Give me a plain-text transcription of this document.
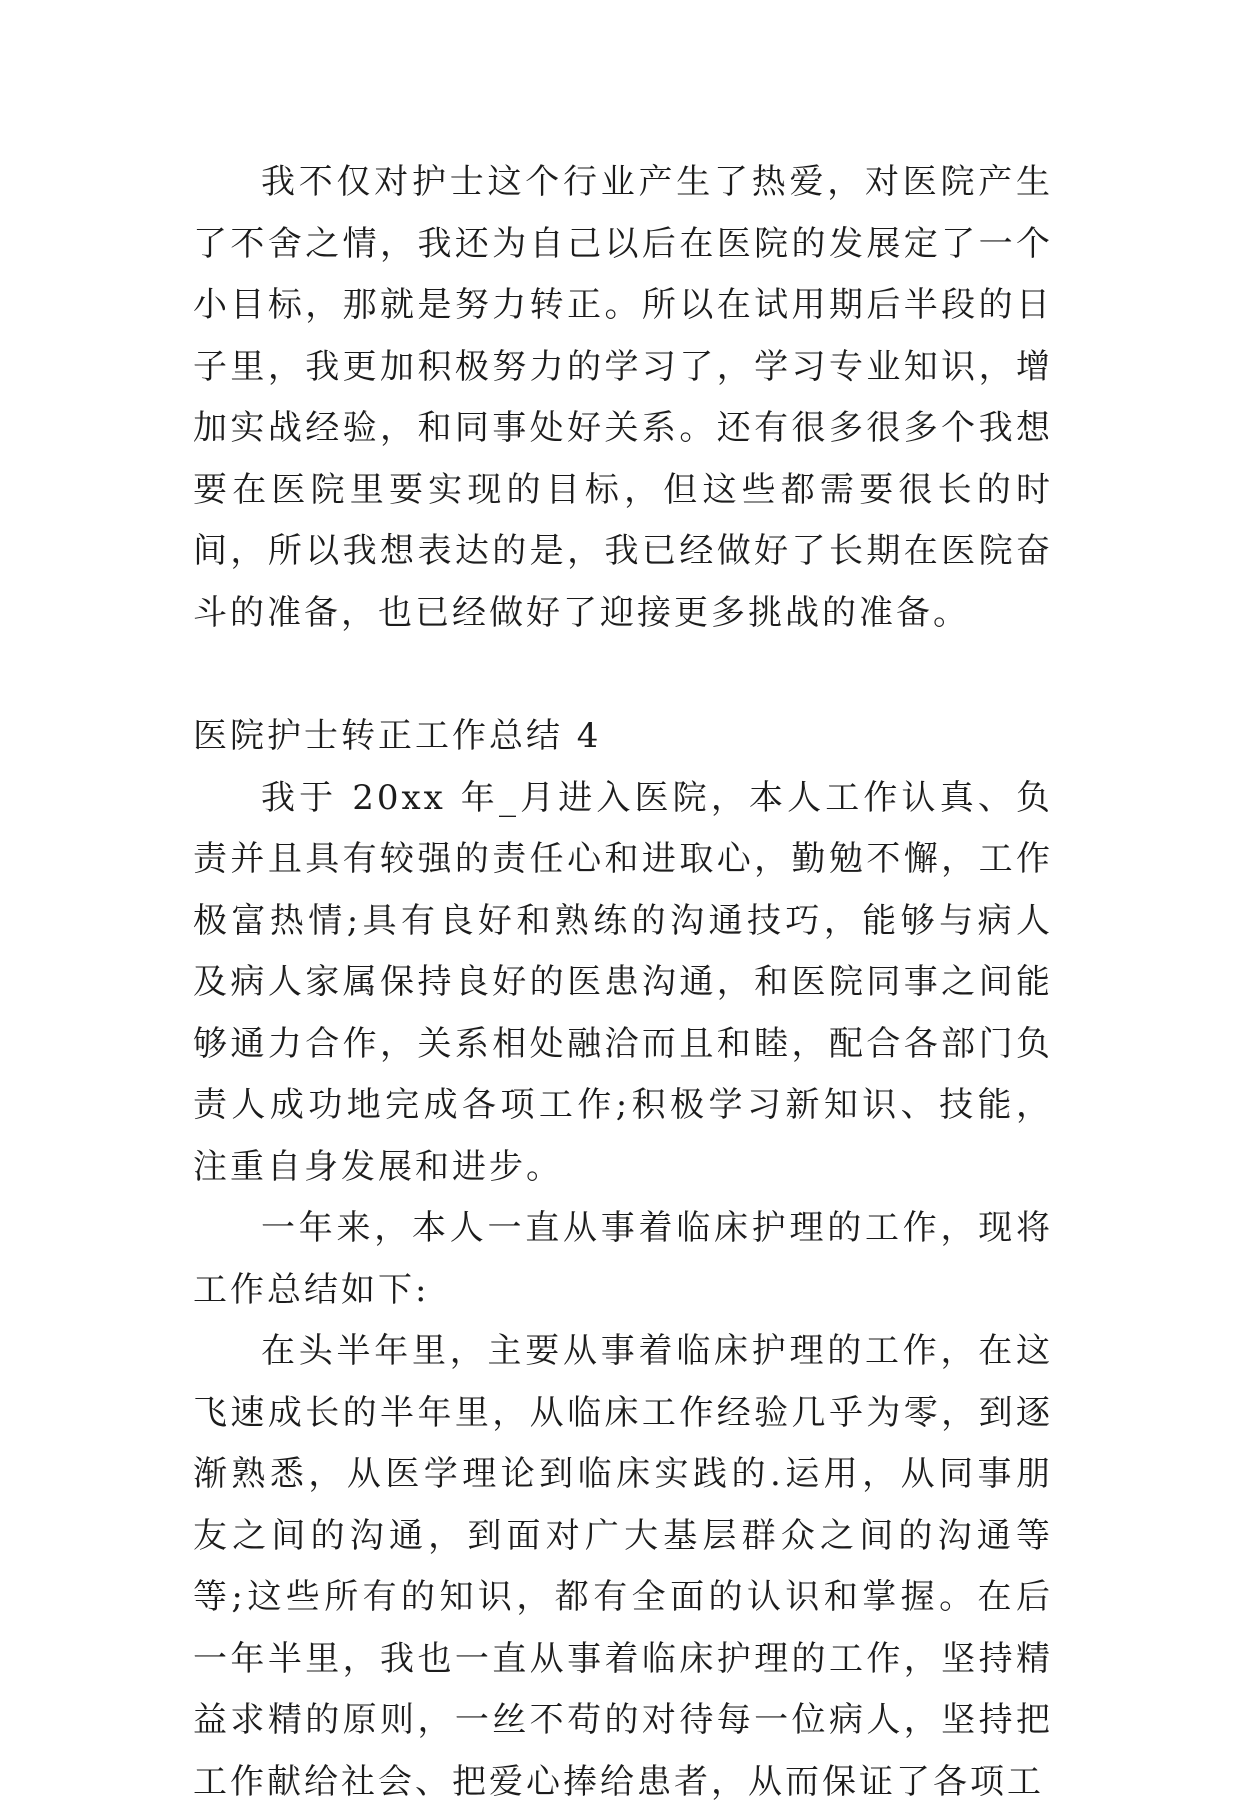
我不仅对护士这个行业产生了热爱，对医院产生了不舍之情，我还为自己以后在医院的发展定了一个小目标，那就是努力转正。所以在试用期后半段的日子里，我更加积极努力的学习了，学习专业知识，增加实战经验，和同事处好关系。还有很多很多个我想要在医院里要实现的目标，但这些都需要很长的时间，所以我想表达的是，我已经做好了长期在医院奋斗的准备，也已经做好了迎接更多挑战的准备。

医院护士转正工作总结 4

我于 20xx 年_月进入医院，本人工作认真、负责并且具有较强的责任心和进取心，勤勉不懈，工作极富热情;具有良好和熟练的沟通技巧，能够与病人及病人家属保持良好的医患沟通，和医院同事之间能够通力合作，关系相处融洽而且和睦，配合各部门负责人成功地完成各项工作;积极学习新知识、技能，注重自身发展和进步。

一年来，本人一直从事着临床护理的工作，现将工作总结如下:

在头半年里，主要从事着临床护理的工作，在这飞速成长的半年里，从临床工作经验几乎为零，到逐渐熟悉，从医学理论到临床实践的.运用，从同事朋友之间的沟通，到面对广大基层群众之间的沟通等等;这些所有的知识，都有全面的认识和掌握。在后一年半里，我也一直从事着临床护理的工作，坚持精益求精的原则，一丝不苟的对待每一位病人，坚持把工作献给社会、把爱心捧给患者，从而保证了各项工
